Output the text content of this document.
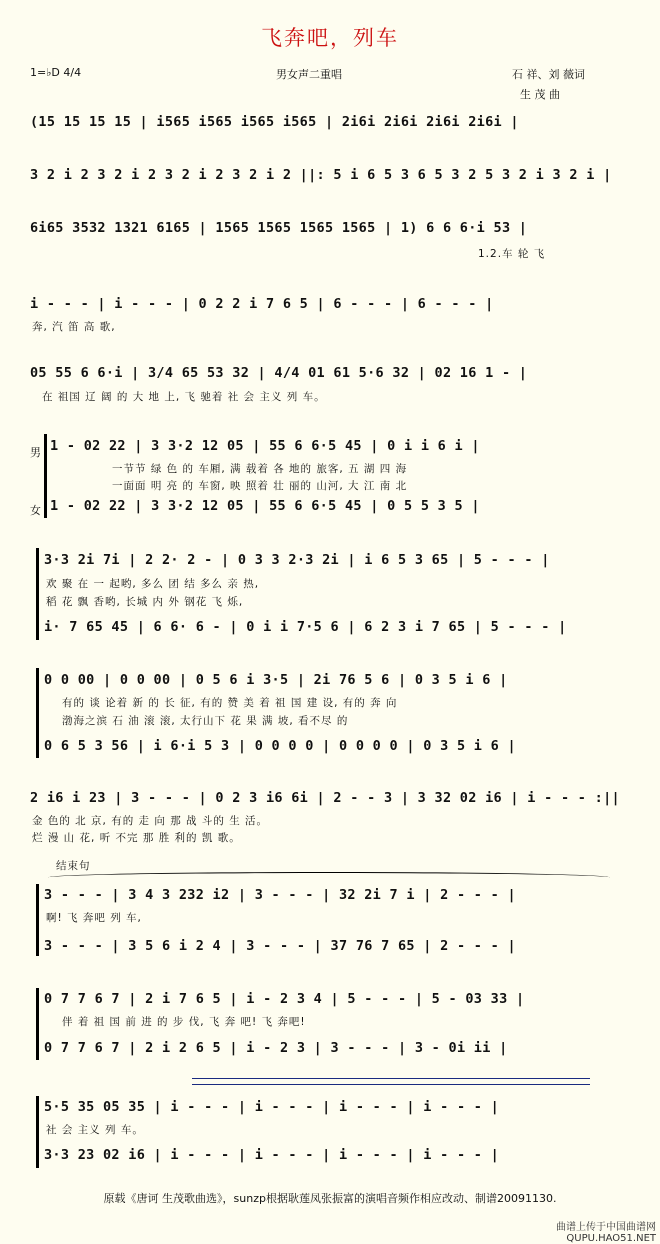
飞奔吧，列车
1=♭D 4/4	男女声二重唱	石 祥、刘 薇词
生 茂 曲
(15 15 15 15 | i565 i565 i565 i565 | 2i6i 2i6i 2i6i 2i6i |
3 2 i 2 3 2 i 2 3 2 i 2 3 2 i 2 ||: 5 i 6 5 3 6 5 3 2 5 3 2 i 3 2 i |
6i65 3532 1321 6165 | 1565 1565 1565 1565 | 1) 6 6 6·i 53 |
1.2.车 轮 飞
i - - - | i - - - | 0 2 2 i 7 6 5 | 6 - - - | 6 - - - |
奔, 汽 笛 高 歌,
05 55 6 6·i | 3/4 65 53 32 | 4/4 01 61 5·6 32 | 02 16 1 - |
在 祖国 辽 阔 的 大 地 上, 飞 驰着 社 会 主义 列 车。
男
女
1 - 02 22 | 3 3·2 12 05 | 55 6 6·5 45 | 0 i i 6 i |
一节节 绿 色 的 车厢, 满 载着 各 地的 旅客, 五 湖 四 海
一面面 明 亮 的 车窗, 映 照着 壮 丽的 山河, 大 江 南 北
1 - 02 22 | 3 3·2 12 05 | 55 6 6·5 45 | 0 5 5 3 5 |
3·3 2i 7i | 2 2· 2 - | 0 3 3 2·3 2i | i 6 5 3 65 | 5 - - - |
欢 聚 在 一 起哟, 多么 团 结 多么 亲 热,
稻 花 飘 香哟, 长城 内 外 钢花 飞 烁,
i· 7 65 45 | 6 6· 6 - | 0 i i 7·5 6 | 6 2 3 i 7 65 | 5 - - - |
0 0 00 | 0 0 00 | 0 5 6 i 3·5 | 2i 76 5 6 | 0 3 5 i 6 |
有的 谈 论着 新 的 长 征, 有的 赞 美 着 祖 国 建 设, 有的 奔 向
渤海之滨 石 油 滚 滚, 太行山下 花 果 满 坡, 看不尽 的
0 6 5 3 56 | i 6·i 5 3 | 0 0 0 0 | 0 0 0 0 | 0 3 5 i 6 |
2 i6 i 23 | 3 - - - | 0 2 3 i6 6i | 2 - - 3 | 3 32 02 i6 | i - - - :||
金 色的 北 京, 有的 走 向 那 战 斗的 生 活。
烂 漫 山 花, 听 不完 那 胜 利的 凯 歌。
结束句
3 - - - | 3 4 3 232 i2 | 3 - - - | 32 2i 7 i | 2 - - - |
啊! 飞 奔吧 列 车,
3 - - - | 3 5 6 i 2 4 | 3 - - - | 37 76 7 65 | 2 - - - |
0 7 7 6 7 | 2 i 7 6 5 | i - 2 3 4 | 5 - - - | 5 - 03 33 |
伴 着 祖 国 前 进 的 步 伐, 飞 奔 吧! 飞 奔吧!
0 7 7 6 7 | 2 i 2 6 5 | i - 2 3 | 3 - - - | 3 - 0i ii |
5·5 35 05 35 | i - - - | i - - - | i - - - | i - - - |
社 会 主义 列 车。
3·3 23 02 i6 | i - - - | i - - - | i - - - | i - - - |
原载《唐诃 生茂歌曲选》，sunzp根据耿莲凤张振富的演唱音频作相应改动、制谱20091130.
曲谱上传于中国曲谱网
QUPU.HAO51.NET
